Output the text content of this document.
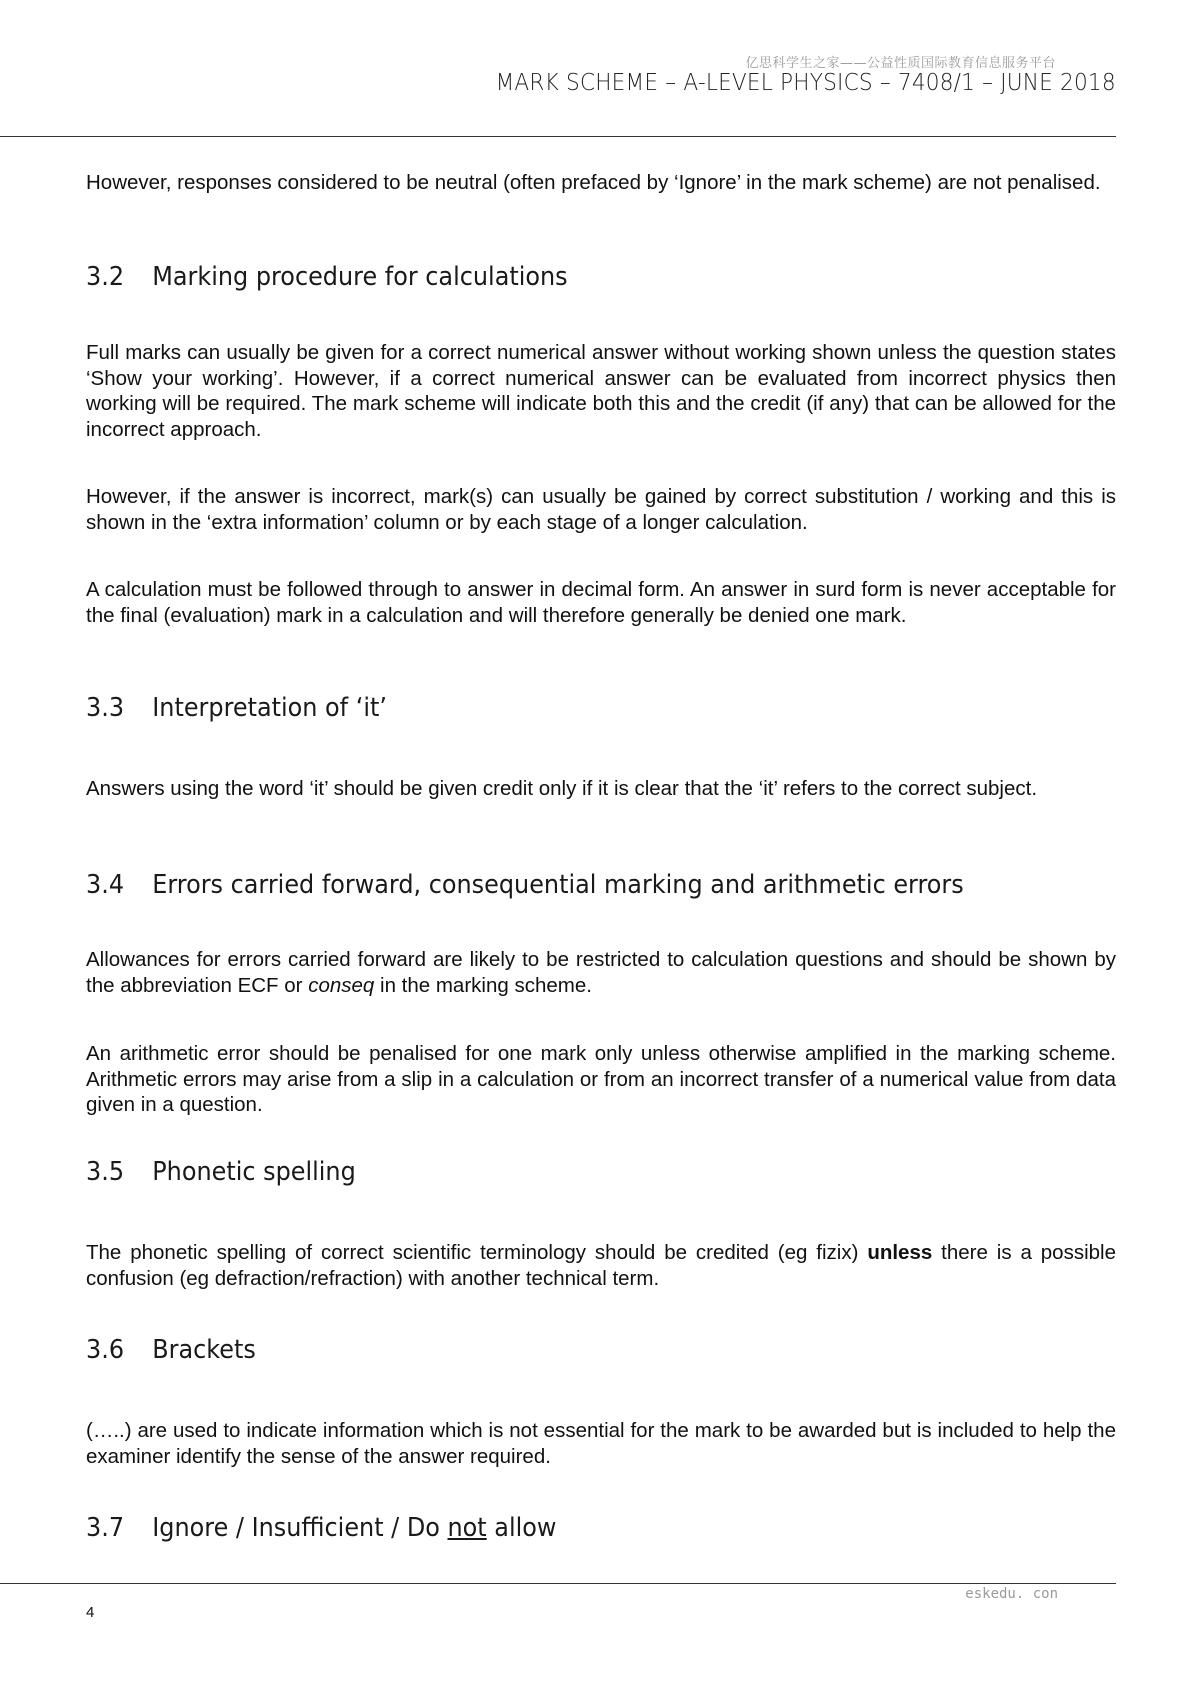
亿思科学生之家——公益性质国际教育信息服务平台
MARK SCHEME – A-LEVEL PHYSICS – 7408/1 – JUNE 2018

However, responses considered to be neutral (often prefaced by ‘Ignore’ in the mark scheme) are not penalised.

3.2 Marking procedure for calculations

Full marks can usually be given for a correct numerical answer without working shown unless the question states ‘Show your working’. However, if a correct numerical answer can be evaluated from incorrect physics then working will be required. The mark scheme will indicate both this and the credit (if any) that can be allowed for the incorrect approach.

However, if the answer is incorrect, mark(s) can usually be gained by correct substitution / working and this is shown in the ‘extra information’ column or by each stage of a longer calculation.

A calculation must be followed through to answer in decimal form. An answer in surd form is never acceptable for the final (evaluation) mark in a calculation and will therefore generally be denied one mark.

3.3 Interpretation of ‘it’

Answers using the word ‘it’ should be given credit only if it is clear that the ‘it’ refers to the correct subject.

3.4 Errors carried forward, consequential marking and arithmetic errors

Allowances for errors carried forward are likely to be restricted to calculation questions and should be shown by the abbreviation ECF or conseq in the marking scheme.

An arithmetic error should be penalised for one mark only unless otherwise amplified in the marking scheme. Arithmetic errors may arise from a slip in a calculation or from an incorrect transfer of a numerical value from data given in a question.

3.5 Phonetic spelling

The phonetic spelling of correct scientific terminology should be credited (eg fizix) unless there is a possible confusion (eg defraction/refraction) with another technical term.

3.6 Brackets

(…..) are used to indicate information which is not essential for the mark to be awarded but is included to help the examiner identify the sense of the answer required.

3.7 Ignore / Insufficient / Do not allow
eskedu. con
4
